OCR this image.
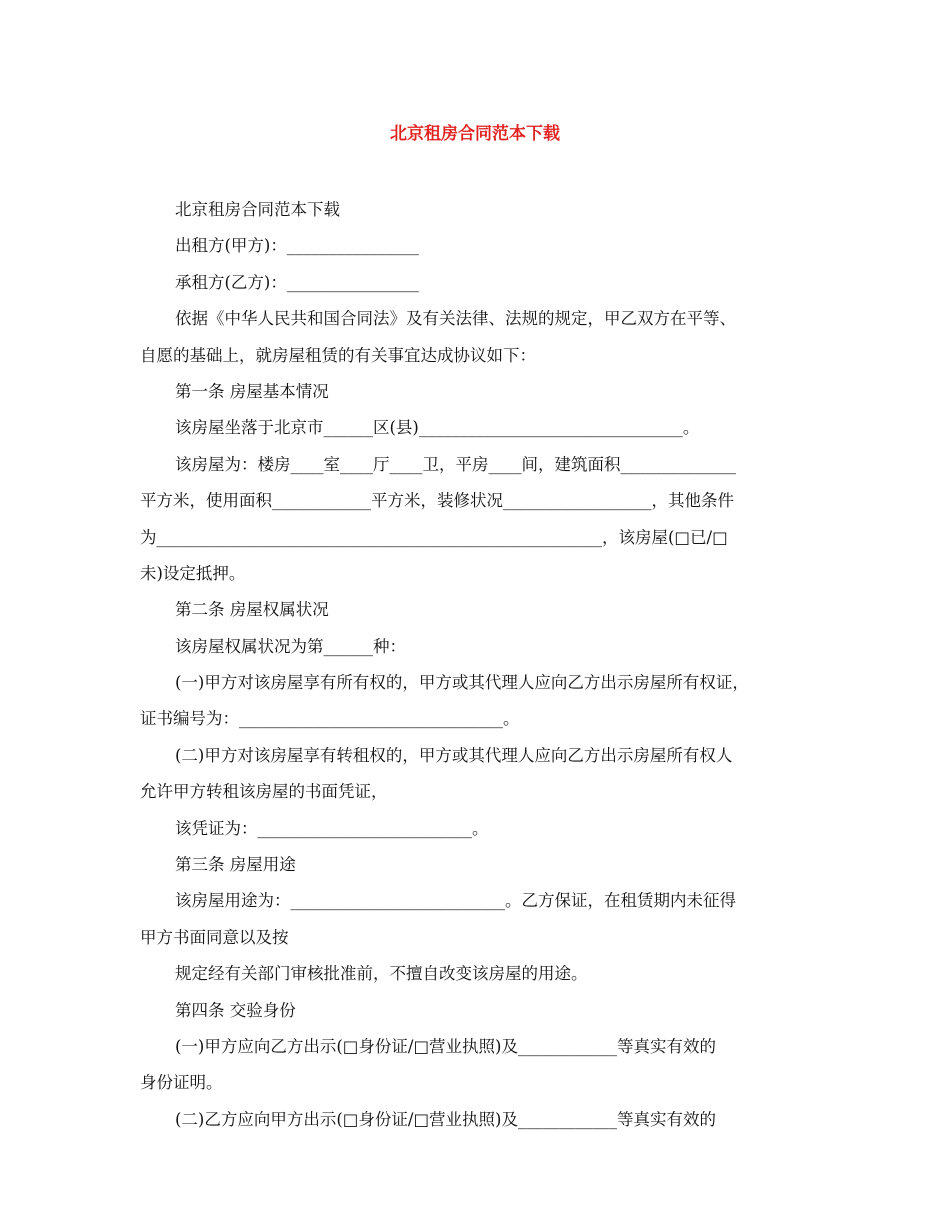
北京租房合同范本下载
北京租房合同范本下载
出租方(甲方)：________________
承租方(乙方)：________________
依据《中华人民共和国合同法》及有关法律、法规的规定，甲乙双方在平等、
自愿的基础上，就房屋租赁的有关事宜达成协议如下：
第一条 房屋基本情况
该房屋坐落于北京市______区(县)________________________________。
该房屋为：楼房____室____厅____卫，平房____间，建筑面积______________
平方米，使用面积____________平方米，装修状况__________________，其他条件
为______________________________________________________，该房屋(□已/□
未)设定抵押。
第二条 房屋权属状况
该房屋权属状况为第______种：
(一)甲方对该房屋享有所有权的，甲方或其代理人应向乙方出示房屋所有权证，
证书编号为：________________________________。
(二)甲方对该房屋享有转租权的，甲方或其代理人应向乙方出示房屋所有权人
允许甲方转租该房屋的书面凭证，
该凭证为：__________________________。
第三条 房屋用途
该房屋用途为：__________________________。乙方保证，在租赁期内未征得
甲方书面同意以及按
规定经有关部门审核批准前，不擅自改变该房屋的用途。
第四条 交验身份
(一)甲方应向乙方出示(□身份证/□营业执照)及____________等真实有效的
身份证明。
(二)乙方应向甲方出示(□身份证/□营业执照)及____________等真实有效的
